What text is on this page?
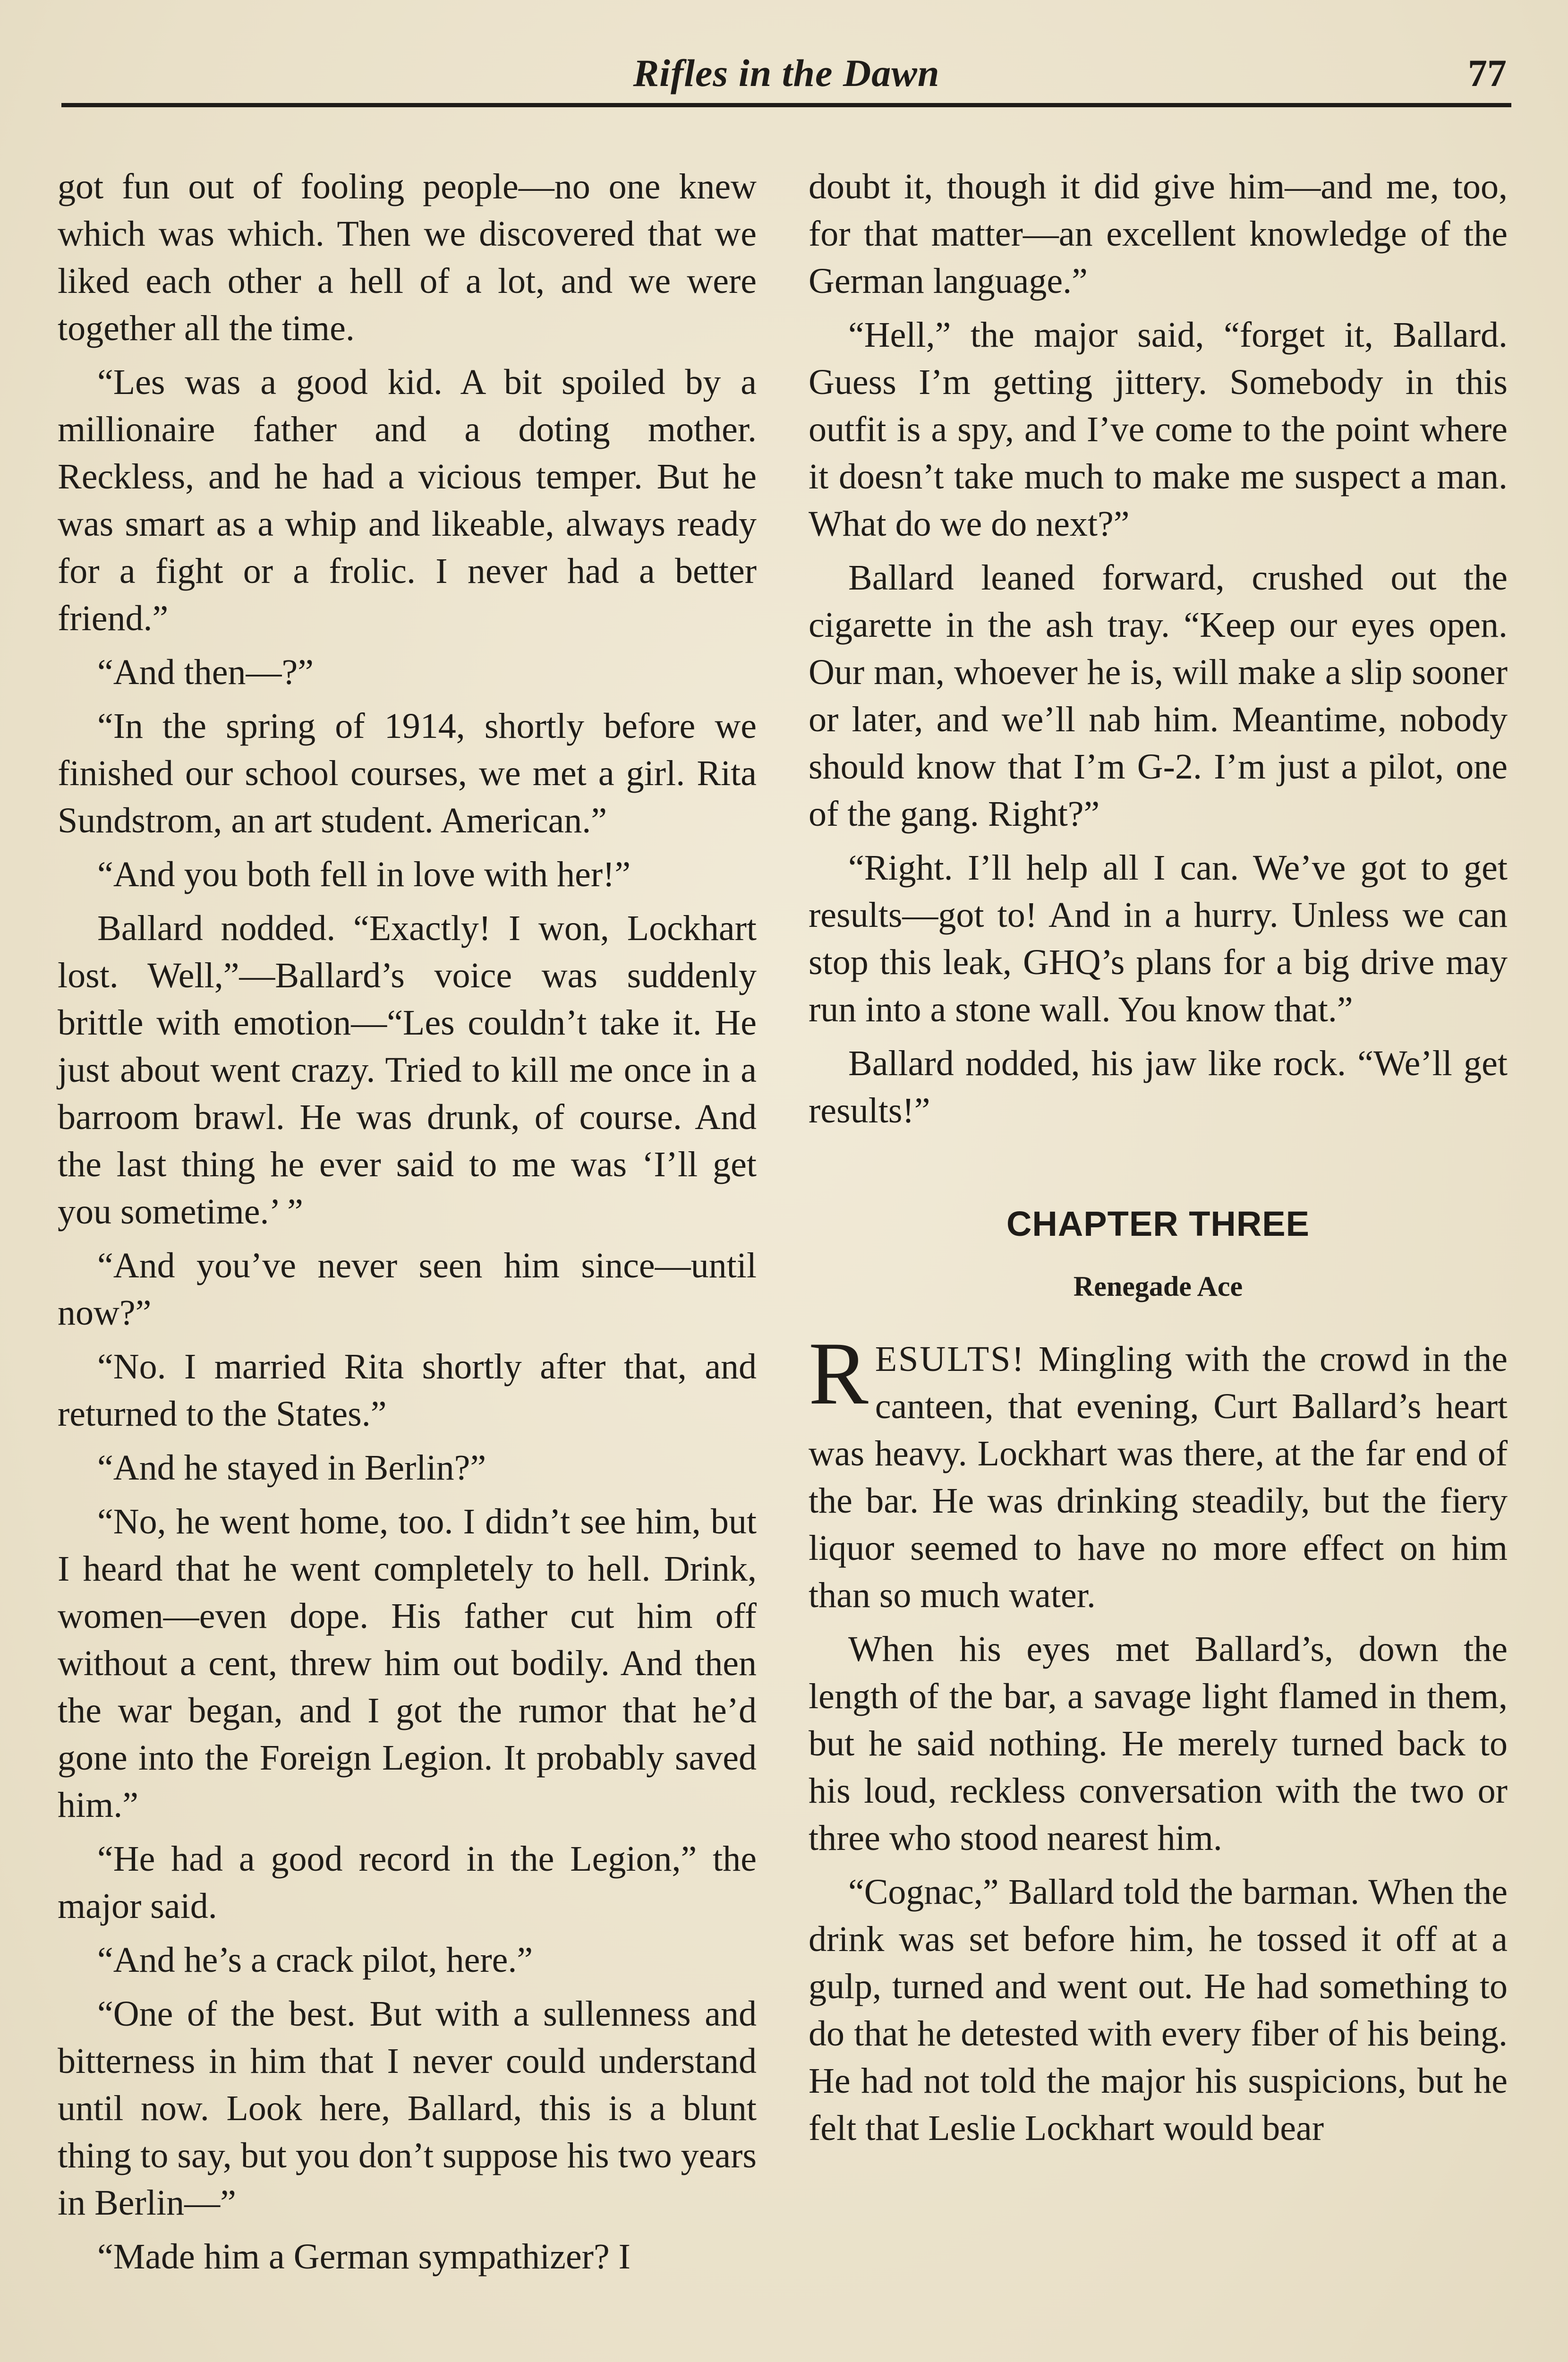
Rifles in the Dawn	77

got fun out of fooling people—no one knew which was which. Then we discovered that we liked each other a hell of a lot, and we were together all the time.

“Les was a good kid. A bit spoiled by a millionaire father and a doting mother. Reckless, and he had a vicious temper. But he was smart as a whip and likeable, always ready for a fight or a frolic. I never had a better friend.”

“And then—?”

“In the spring of 1914, shortly before we finished our school courses, we met a girl. Rita Sundstrom, an art student. American.”

“And you both fell in love with her!”

Ballard nodded. “Exactly! I won, Lockhart lost. Well,”—Ballard’s voice was suddenly brittle with emotion—“Les couldn’t take it. He just about went crazy. Tried to kill me once in a barroom brawl. He was drunk, of course. And the last thing he ever said to me was ‘I’ll get you sometime.’ ”

“And you’ve never seen him since—until now?”

“No. I married Rita shortly after that, and returned to the States.”

“And he stayed in Berlin?”

“No, he went home, too. I didn’t see him, but I heard that he went completely to hell. Drink, women—even dope. His father cut him off without a cent, threw him out bodily. And then the war began, and I got the rumor that he’d gone into the Foreign Legion. It probably saved him.”

“He had a good record in the Legion,” the major said.

“And he’s a crack pilot, here.”

“One of the best. But with a sullenness and bitterness in him that I never could understand until now. Look here, Ballard, this is a blunt thing to say, but you don’t suppose his two years in Berlin—”

“Made him a German sympathizer? I

doubt it, though it did give him—and me, too, for that matter—an excellent knowledge of the German language.”

“Hell,” the major said, “forget it, Ballard. Guess I’m getting jittery. Somebody in this outfit is a spy, and I’ve come to the point where it doesn’t take much to make me suspect a man. What do we do next?”

Ballard leaned forward, crushed out the cigarette in the ash tray. “Keep our eyes open. Our man, whoever he is, will make a slip sooner or later, and we’ll nab him. Meantime, nobody should know that I’m G-2. I’m just a pilot, one of the gang. Right?”

“Right. I’ll help all I can. We’ve got to get results—got to! And in a hurry. Unless we can stop this leak, GHQ’s plans for a big drive may run into a stone wall. You know that.”

Ballard nodded, his jaw like rock. “We’ll get results!”

CHAPTER THREE
Renegade Ace

RESULTS! Mingling with the crowd in the canteen, that evening, Curt Ballard’s heart was heavy. Lockhart was there, at the far end of the bar. He was drinking steadily, but the fiery liquor seemed to have no more effect on him than so much water.

When his eyes met Ballard’s, down the length of the bar, a savage light flamed in them, but he said nothing. He merely turned back to his loud, reckless conversation with the two or three who stood nearest him.

“Cognac,” Ballard told the barman. When the drink was set before him, he tossed it off at a gulp, turned and went out. He had something to do that he detested with every fiber of his being. He had not told the major his suspicions, but he felt that Leslie Lockhart would bear
